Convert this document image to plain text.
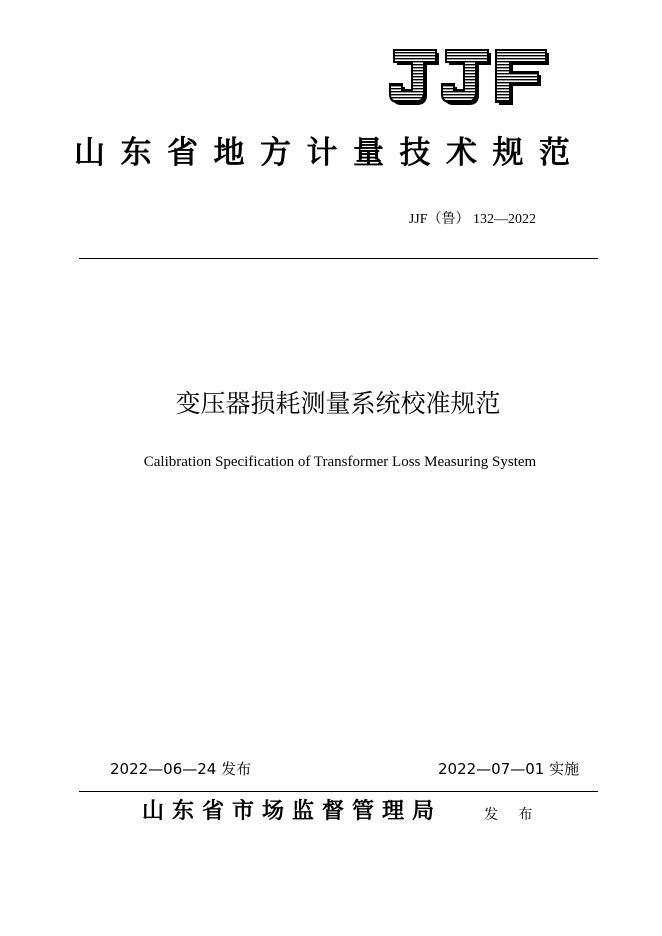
山东省地方计量技术规范
JJF（鲁） 132—2022
变压器损耗测量系统校准规范
Calibration Specification of Transformer Loss Measuring System
2022—06—24 发布	2022—07—01 实施
山东省市场监督管理局	发 布
